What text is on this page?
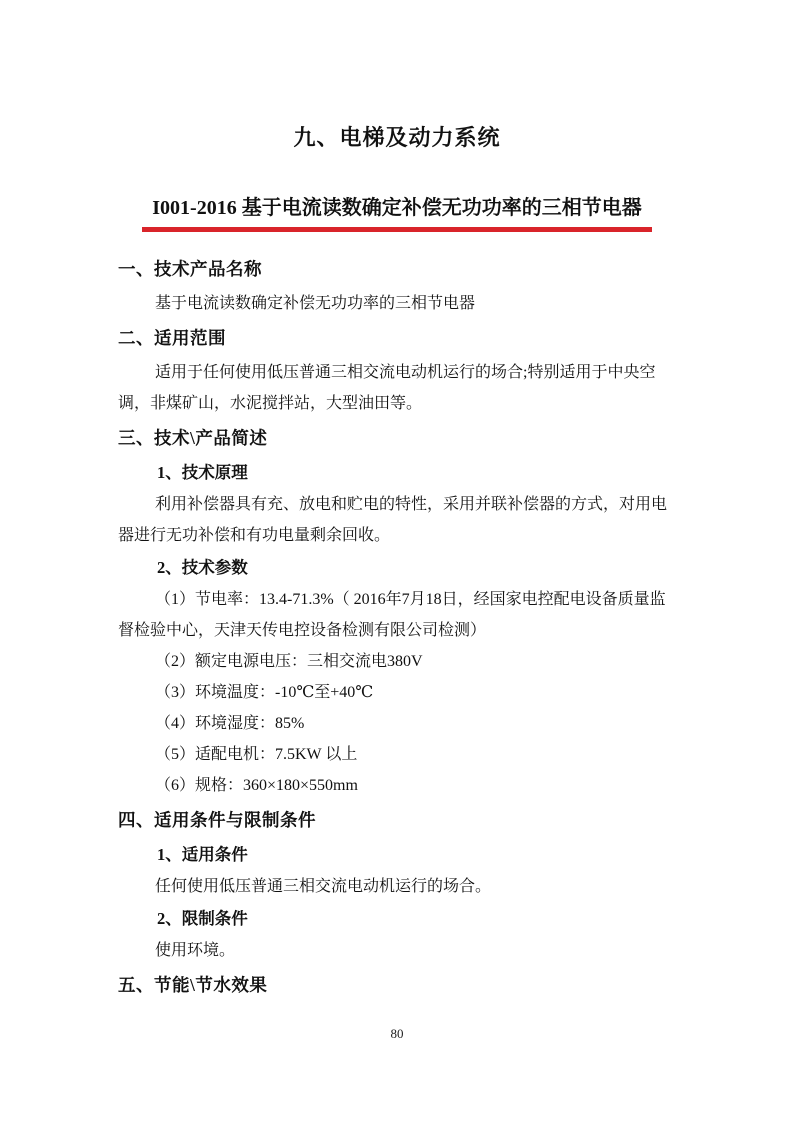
九、电梯及动力系统
I001-2016 基于电流读数确定补偿无功功率的三相节电器
一、技术产品名称
基于电流读数确定补偿无功功率的三相节电器
二、适用范围
适用于任何使用低压普通三相交流电动机运行的场合;特别适用于中央空
调，非煤矿山，水泥搅拌站，大型油田等。
三、技术\产品简述
1、技术原理
利用补偿器具有充、放电和贮电的特性，采用并联补偿器的方式，对用电
器进行无功补偿和有功电量剩余回收。
2、技术参数
（1）节电率：13.4-71.3%（ 2016年7月18日，经国家电控配电设备质量监
督检验中心，天津天传电控设备检测有限公司检测）
（2）额定电源电压：三相交流电380V
（3）环境温度：-10℃至+40℃
（4）环境湿度：85%
（5）适配电机：7.5KW 以上
（6）规格：360×180×550mm
四、适用条件与限制条件
1、适用条件
任何使用低压普通三相交流电动机运行的场合。
2、限制条件
使用环境。
五、节能\节水效果
80
